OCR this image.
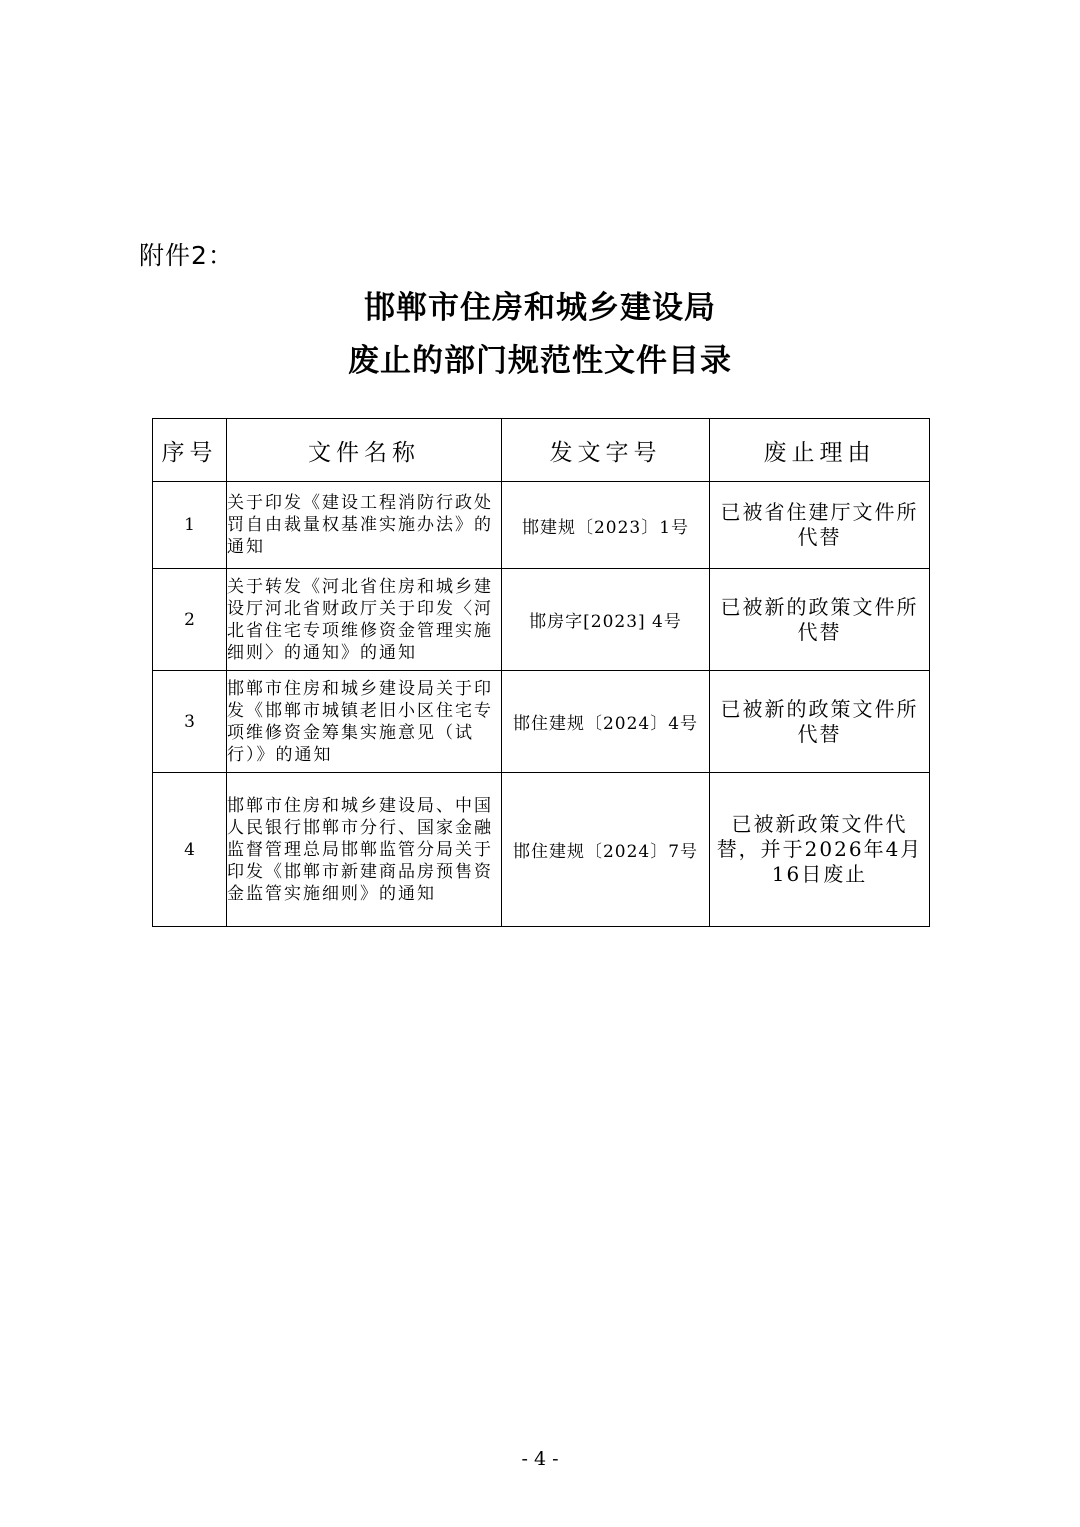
附件2：
邯郸市住房和城乡建设局
废止的部门规范性文件目录
序号	文件名称	发文字号	废止理由
1	关于印发《建设工程消防行政处罚自由裁量权基准实施办法》的通知	邯建规〔2023〕1号	已被省住建厅文件所代替
2	关于转发《河北省住房和城乡建设厅河北省财政厅关于印发〈河北省住宅专项维修资金管理实施细则〉的通知》的通知	邯房字[2023] 4号	已被新的政策文件所代替
3	邯郸市住房和城乡建设局关于印发《邯郸市城镇老旧小区住宅专项维修资金筹集实施意见（试行）》的通知	邯住建规〔2024〕4号	已被新的政策文件所代替
4	邯郸市住房和城乡建设局、中国人民银行邯郸市分行、国家金融监督管理总局邯郸监管分局关于印发《邯郸市新建商品房预售资金监管实施细则》的通知	邯住建规〔2024〕7号	已被新政策文件代替，并于2026年4月16日废止
- 4 -
